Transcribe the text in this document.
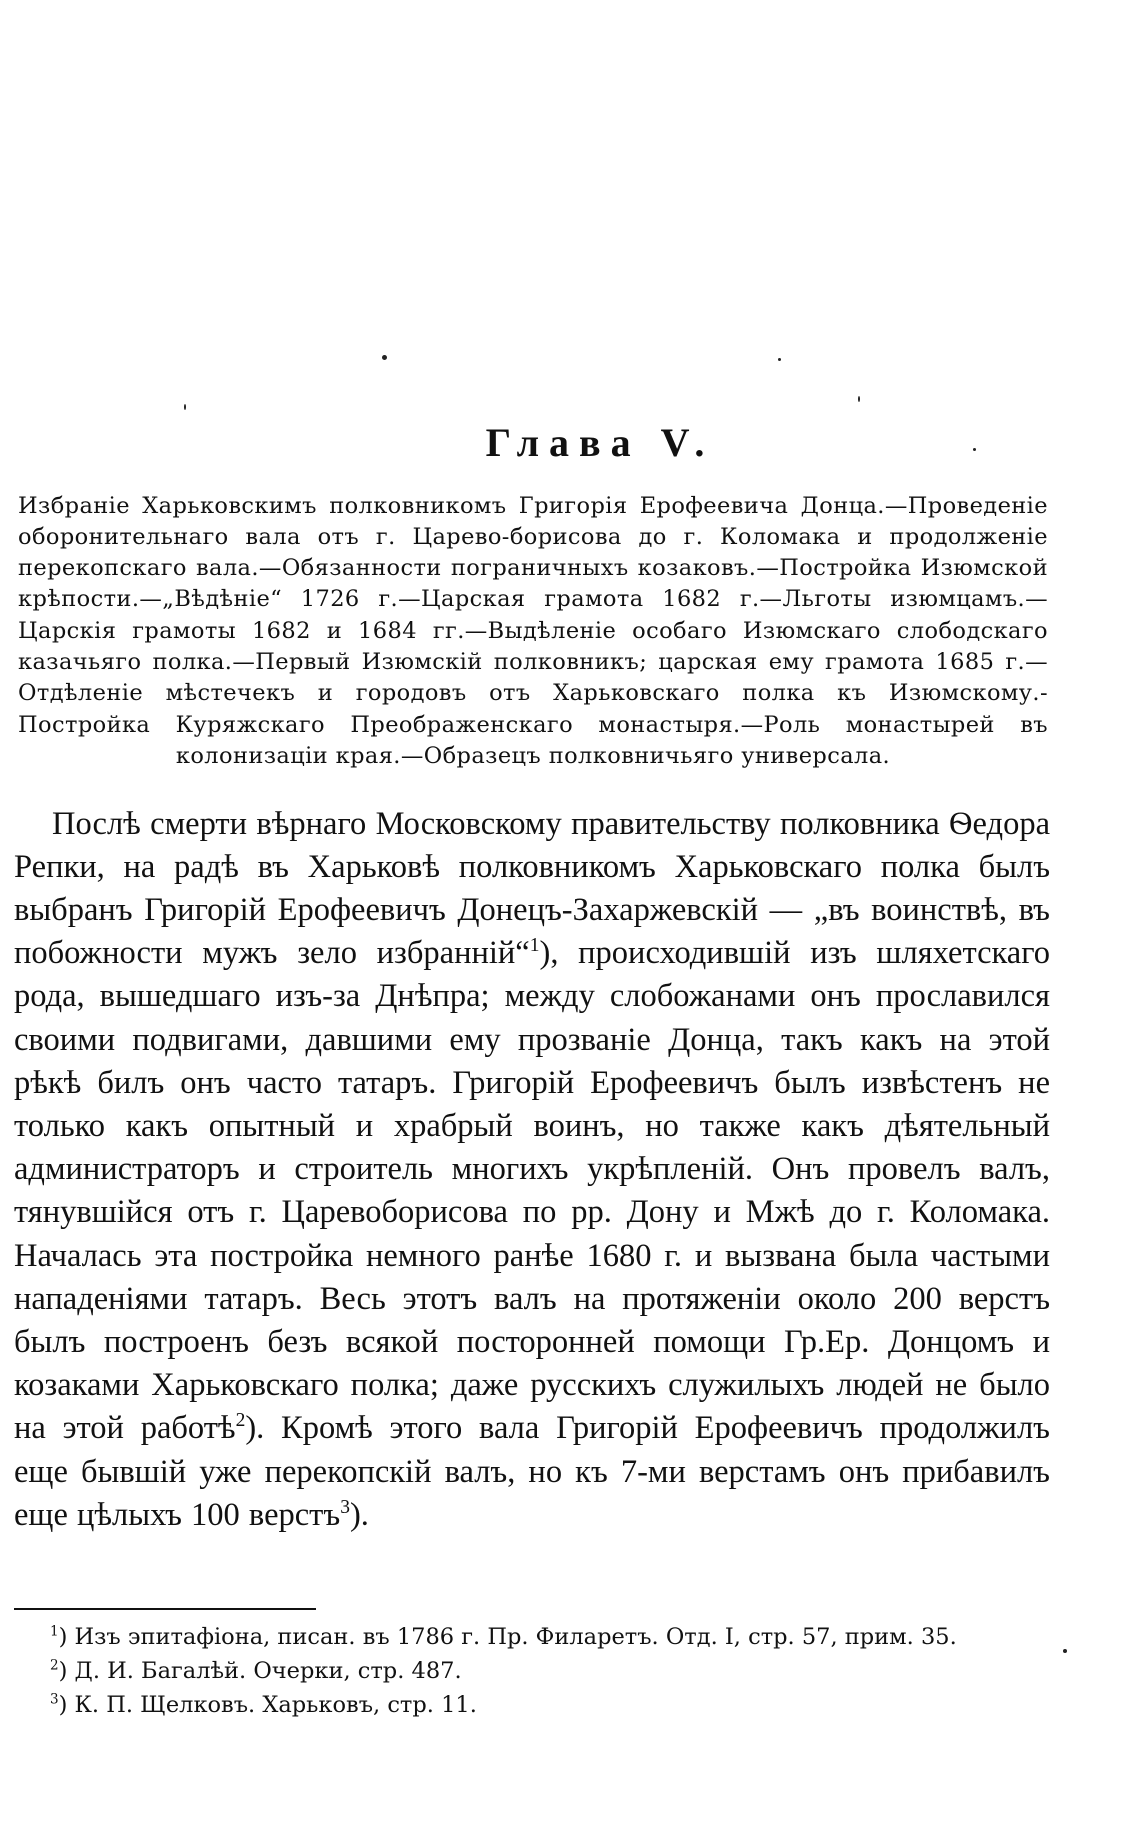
Глава V.

Избраніе Харьковскимъ полковникомъ Григорія Ерофеевича Донца.—Проведеніе оборонительнаго вала отъ г. Царево-борисова до г. Коломака и продолженіе перекопскаго вала.—Обязанности пограничныхъ козаковъ.—Постройка Изюмской крѣпости.—„Вѣдѣніе“ 1726 г.—Царская грамота 1682 г.—Льготы изюмцамъ.—Царскія грамоты 1682 и 1684 гг.—Выдѣленіе особаго Изюмскаго слободскаго казачьяго полка.—Первый Изюмскій полковникъ; царская ему грамота 1685 г.—Отдѣленіе мѣстечекъ и городовъ отъ Харьковскаго полка къ Изюмскому.- Постройка Куряжскаго Преображенскаго монастыря.—Роль монастырей въ колонизаціи края.—Образецъ полковничьяго универсала.

Послѣ смерти вѣрнаго Московскому правительству полковника Ѳедора Репки, на радѣ въ Харьковѣ полковникомъ Харьковскаго полка былъ выбранъ Григорій Ерофеевичъ Донецъ-Захаржевскій — „въ воинствѣ, въ побожности мужъ зело избранній“$^1$), происходившій изъ шляхетскаго рода, вышедшаго изъ-за Днѣпра; между слобожанами онъ прославился своими подвигами, давшими ему прозваніе Донца, такъ какъ на этой рѣкѣ билъ онъ часто татаръ. Григорій Ерофеевичъ былъ извѣстенъ не только какъ опытный и храбрый воинъ, но также какъ дѣятельный администраторъ и строитель многихъ укрѣпленій. Онъ провелъ валъ, тянувшійся отъ г. Царевоборисова по рр. Дону и Мжѣ до г. Коломака. Началась эта постройка немного ранѣе 1680 г. и вызвана была частыми нападеніями татаръ. Весь этотъ валъ на протяженіи около 200 верстъ былъ построенъ безъ всякой посторонней помощи Гр.Ер. Донцомъ и козаками Харьковскаго полка; даже русскихъ служилыхъ людей не было на этой работѣ$^2$). Кромѣ этого вала Григорій Ерофеевичъ продолжилъ еще бывшій уже перекопскій валъ, но къ 7-ми верстамъ онъ прибавилъ еще цѣлыхъ 100 верстъ$^3$).

$^1$) Изъ эпитафіона, писан. въ 1786 г. Пр. Филаретъ. Отд. I, стр. 57, прим. 35.
$^2$) Д. И. Багалѣй. Очерки, стр. 487.
$^3$) К. П. Щелковъ. Харьковъ, стр. 11.
